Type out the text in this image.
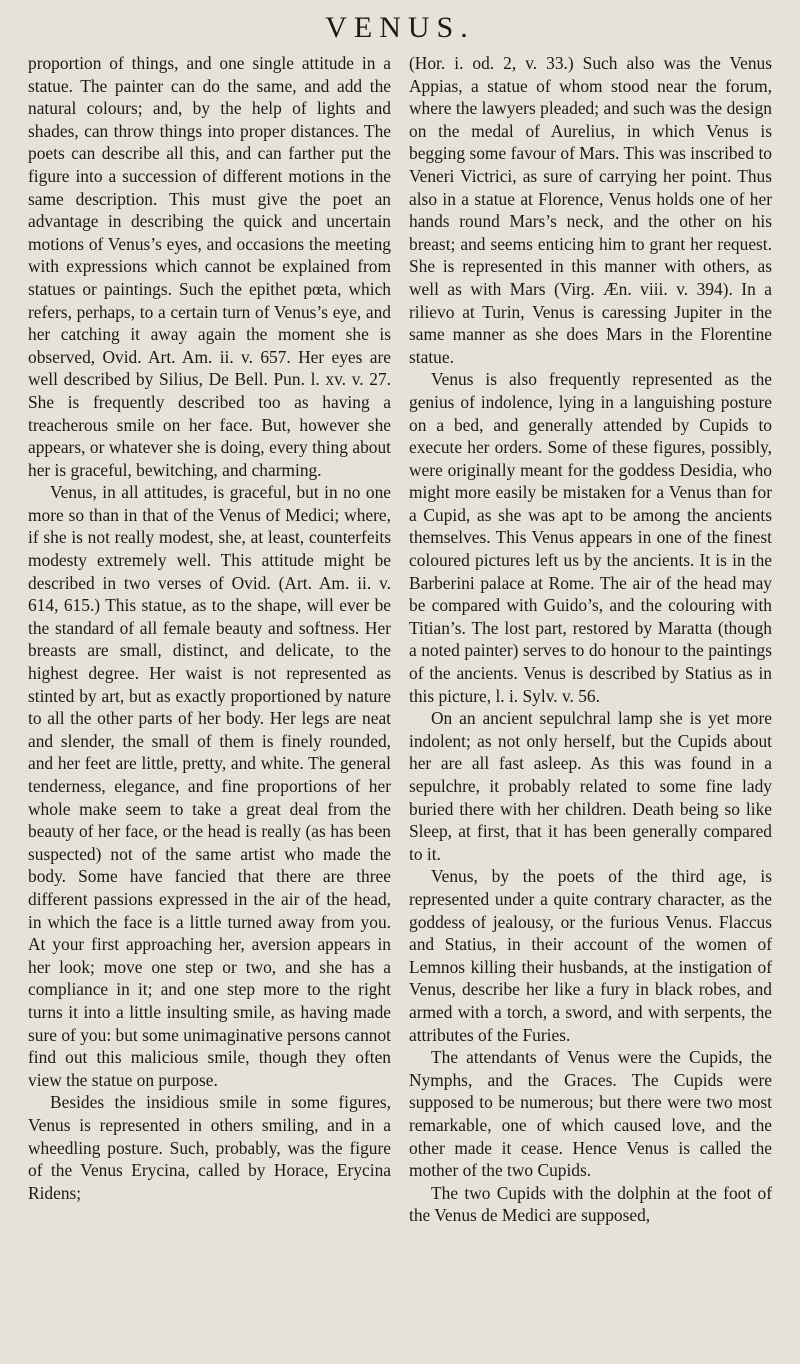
VENUS.

proportion of things, and one single attitude in a statue. The painter can do the same, and add the natural colours; and, by the help of lights and shades, can throw things into proper distances. The poets can describe all this, and can farther put the figure into a succession of different motions in the same description. This must give the poet an advantage in describing the quick and uncertain motions of Venus’s eyes, and occasions the meeting with expressions which cannot be explained from statues or paintings. Such the epithet pœta, which refers, perhaps, to a certain turn of Venus’s eye, and her catching it away again the moment she is observed, Ovid. Art. Am. ii. v. 657. Her eyes are well described by Silius, De Bell. Pun. l. xv. v. 27. She is frequently described too as having a treacherous smile on her face. But, however she appears, or whatever she is doing, every thing about her is graceful, bewitching, and charming.

Venus, in all attitudes, is graceful, but in no one more so than in that of the Venus of Medici; where, if she is not really modest, she, at least, counterfeits modesty extremely well. This attitude might be described in two verses of Ovid. (Art. Am. ii. v. 614, 615.) This statue, as to the shape, will ever be the standard of all female beauty and softness. Her breasts are small, distinct, and delicate, to the highest degree. Her waist is not represented as stinted by art, but as exactly proportioned by nature to all the other parts of her body. Her legs are neat and slender, the small of them is finely rounded, and her feet are little, pretty, and white. The general tenderness, elegance, and fine proportions of her whole make seem to take a great deal from the beauty of her face, or the head is really (as has been suspected) not of the same artist who made the body. Some have fancied that there are three different passions expressed in the air of the head, in which the face is a little turned away from you. At your first approaching her, aversion appears in her look; move one step or two, and she has a compliance in it; and one step more to the right turns it into a little insulting smile, as having made sure of you: but some unimaginative persons cannot find out this malicious smile, though they often view the statue on purpose.

Besides the insidious smile in some figures, Venus is represented in others smiling, and in a wheedling posture. Such, probably, was the figure of the Venus Erycina, called by Horace, Erycina Ridens;

(Hor. i. od. 2, v. 33.) Such also was the Venus Appias, a statue of whom stood near the forum, where the lawyers pleaded; and such was the design on the medal of Aurelius, in which Venus is begging some favour of Mars. This was inscribed to Veneri Victrici, as sure of carrying her point. Thus also in a statue at Florence, Venus holds one of her hands round Mars’s neck, and the other on his breast; and seems enticing him to grant her request. She is represented in this manner with others, as well as with Mars (Virg. Æn. viii. v. 394). In a rilievo at Turin, Venus is caressing Jupiter in the same manner as she does Mars in the Florentine statue.

Venus is also frequently represented as the genius of indolence, lying in a languishing posture on a bed, and generally attended by Cupids to execute her orders. Some of these figures, possibly, were originally meant for the goddess Desidia, who might more easily be mistaken for a Venus than for a Cupid, as she was apt to be among the ancients themselves. This Venus appears in one of the finest coloured pictures left us by the ancients. It is in the Barberini palace at Rome. The air of the head may be compared with Guido’s, and the colouring with Titian’s. The lost part, restored by Maratta (though a noted painter) serves to do honour to the paintings of the ancients. Venus is described by Statius as in this picture, l. i. Sylv. v. 56.

On an ancient sepulchral lamp she is yet more indolent; as not only herself, but the Cupids about her are all fast asleep. As this was found in a sepulchre, it probably related to some fine lady buried there with her children. Death being so like Sleep, at first, that it has been generally compared to it.

Venus, by the poets of the third age, is represented under a quite contrary character, as the goddess of jealousy, or the furious Venus. Flaccus and Statius, in their account of the women of Lemnos killing their husbands, at the instigation of Venus, describe her like a fury in black robes, and armed with a torch, a sword, and with serpents, the attributes of the Furies.

The attendants of Venus were the Cupids, the Nymphs, and the Graces. The Cupids were supposed to be numerous; but there were two most remarkable, one of which caused love, and the other made it cease. Hence Venus is called the mother of the two Cupids.

The two Cupids with the dolphin at the foot of the Venus de Medici are supposed,
